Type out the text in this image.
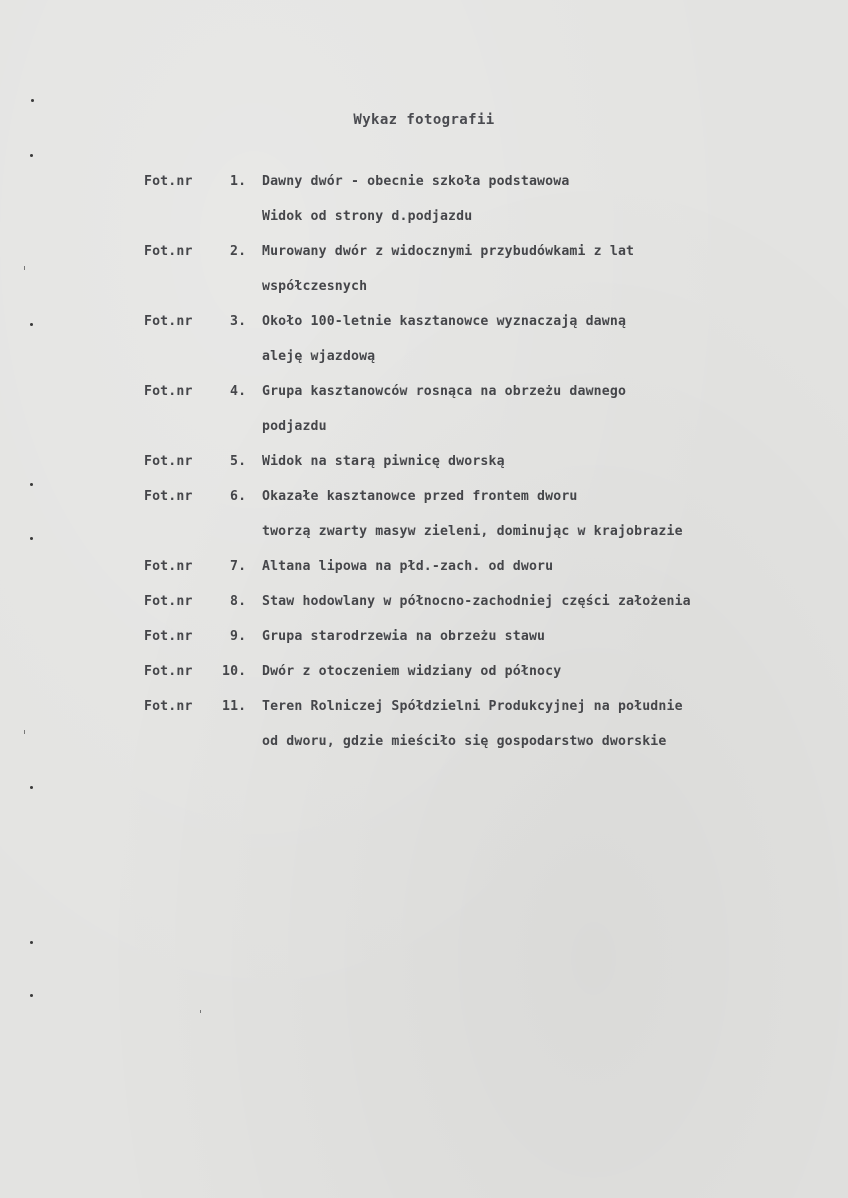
Wykaz fotografii
Fot.nr	1.	Dawny dwór - obecnie szkoła podstawowa
Widok od strony d.podjazdu
Fot.nr	2.	Murowany dwór z widocznymi przybudówkami z lat
współczesnych
Fot.nr	3.	Około 100-letnie kasztanowce wyznaczają dawną
aleję wjazdową
Fot.nr	4.	Grupa kasztanowców rosnąca na obrzeżu dawnego
podjazdu
Fot.nr	5.	Widok na starą piwnicę dworską
Fot.nr	6.	Okazałe kasztanowce przed frontem dworu
tworzą zwarty masyw zieleni, dominując w krajobrazie
Fot.nr	7.	Altana lipowa na płd.-zach. od dworu
Fot.nr	8.	Staw hodowlany w północno-zachodniej części założenia
Fot.nr	9.	Grupa starodrzewia na obrzeżu stawu
Fot.nr	10.	Dwór z otoczeniem widziany od północy
Fot.nr	11.	Teren Rolniczej Spółdzielni Produkcyjnej na południe
od dworu, gdzie mieściło się gospodarstwo dworskie
